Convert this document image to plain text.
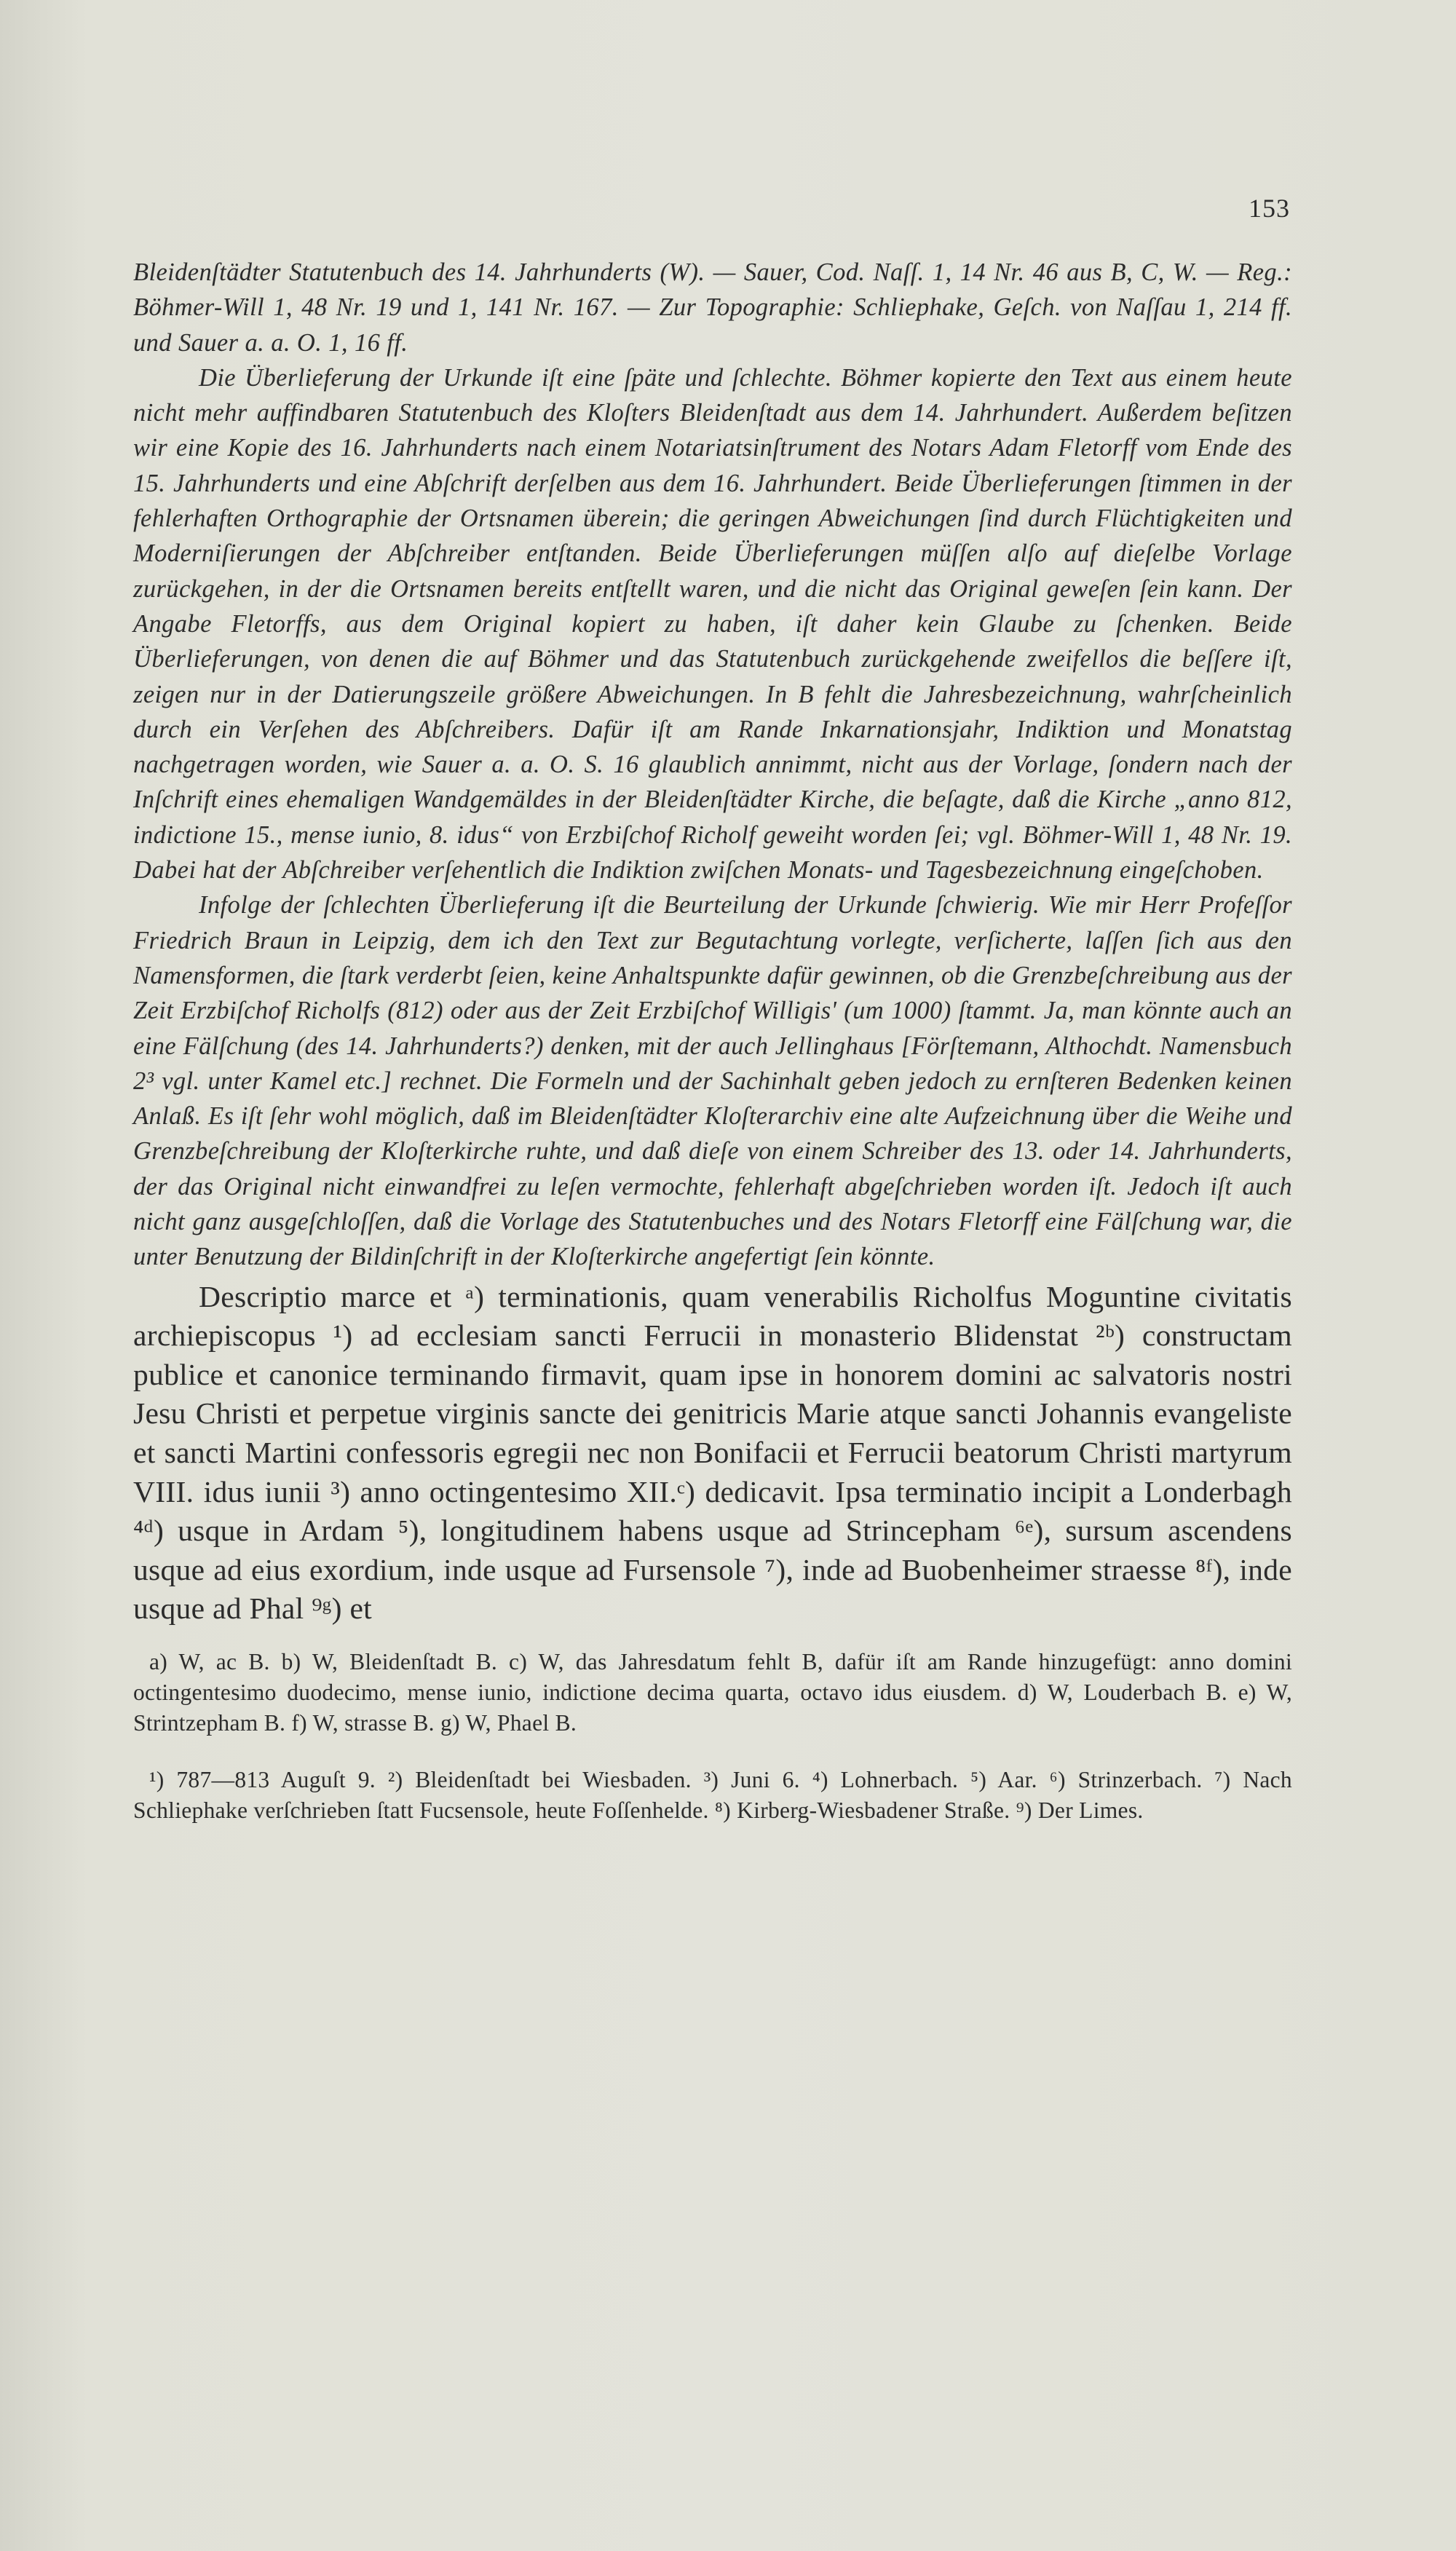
153

Bleidenſtädter Statutenbuch des 14. Jahrhunderts (W). — Sauer, Cod. Naſſ. 1, 14 Nr. 46 aus B, C, W. — Reg.: Böhmer-Will 1, 48 Nr. 19 und 1, 141 Nr. 167. — Zur Topographie: Schliephake, Geſch. von Naſſau 1, 214 ff. und Sauer a. a. O. 1, 16 ff.

Die Überlieferung der Urkunde iſt eine ſpäte und ſchlechte. Böhmer kopierte den Text aus einem heute nicht mehr auffindbaren Statutenbuch des Kloſters Bleidenſtadt aus dem 14. Jahrhundert. Außerdem beſitzen wir eine Kopie des 16. Jahrhunderts nach einem Notariatsinſtrument des Notars Adam Fletorff vom Ende des 15. Jahrhunderts und eine Abſchrift derſelben aus dem 16. Jahrhundert. Beide Überlieferungen ſtimmen in der fehlerhaften Orthographie der Ortsnamen überein; die geringen Abweichungen ſind durch Flüchtigkeiten und Moderniſierungen der Abſchreiber entſtanden. Beide Überlieferungen müſſen alſo auf dieſelbe Vorlage zurückgehen, in der die Ortsnamen bereits entſtellt waren, und die nicht das Original geweſen ſein kann. Der Angabe Fletorffs, aus dem Original kopiert zu haben, iſt daher kein Glaube zu ſchenken. Beide Überlieferungen, von denen die auf Böhmer und das Statutenbuch zurückgehende zweifellos die beſſere iſt, zeigen nur in der Datierungszeile größere Abweichungen. In B fehlt die Jahresbezeichnung, wahrſcheinlich durch ein Verſehen des Abſchreibers. Dafür iſt am Rande Inkarnationsjahr, Indiktion und Monatstag nachgetragen worden, wie Sauer a. a. O. S. 16 glaublich annimmt, nicht aus der Vorlage, ſondern nach der Inſchrift eines ehemaligen Wandgemäldes in der Bleidenſtädter Kirche, die beſagte, daß die Kirche „anno 812, indictione 15., mense iunio, 8. idus“ von Erzbiſchof Richolf geweiht worden ſei; vgl. Böhmer-Will 1, 48 Nr. 19. Dabei hat der Abſchreiber verſehentlich die Indiktion zwiſchen Monats- und Tagesbezeichnung eingeſchoben.

Infolge der ſchlechten Überlieferung iſt die Beurteilung der Urkunde ſchwierig. Wie mir Herr Profeſſor Friedrich Braun in Leipzig, dem ich den Text zur Begutachtung vorlegte, verſicherte, laſſen ſich aus den Namensformen, die ſtark verderbt ſeien, keine Anhaltspunkte dafür gewinnen, ob die Grenzbeſchreibung aus der Zeit Erzbiſchof Richolfs (812) oder aus der Zeit Erzbiſchof Willigis' (um 1000) ſtammt. Ja, man könnte auch an eine Fälſchung (des 14. Jahrhunderts?) denken, mit der auch Jellinghaus [Förſtemann, Althochdt. Namensbuch 2³ vgl. unter Kamel etc.] rechnet. Die Formeln und der Sachinhalt geben jedoch zu ernſteren Bedenken keinen Anlaß. Es iſt ſehr wohl möglich, daß im Bleidenſtädter Kloſterarchiv eine alte Aufzeichnung über die Weihe und Grenzbeſchreibung der Kloſterkirche ruhte, und daß dieſe von einem Schreiber des 13. oder 14. Jahrhunderts, der das Original nicht einwandfrei zu leſen vermochte, fehlerhaft abgeſchrieben worden iſt. Jedoch iſt auch nicht ganz ausgeſchloſſen, daß die Vorlage des Statutenbuches und des Notars Fletorff eine Fälſchung war, die unter Benutzung der Bildinſchrift in der Kloſterkirche angefertigt ſein könnte.

Descriptio marce et ᵃ) terminationis, quam venerabilis Richolfus Moguntine civitatis archiepiscopus ¹) ad ecclesiam sancti Ferrucii in monasterio Blidenstat ²ᵇ) constructam publice et canonice terminando firmavit, quam ipse in honorem domini ac salvatoris nostri Jesu Christi et perpetue virginis sancte dei genitricis Marie atque sancti Johannis evangeliste et sancti Martini confessoris egregii nec non Bonifacii et Ferrucii beatorum Christi martyrum VIII. idus iunii ³) anno octingentesimo XII.ᶜ) dedicavit. Ipsa terminatio incipit a Londerbagh ⁴ᵈ) usque in Ardam ⁵), longitudinem habens usque ad Strincepham ⁶ᵉ), sursum ascendens usque ad eius exordium, inde usque ad Fursensole ⁷), inde ad Buobenheimer straesse ⁸ᶠ), inde usque ad Phal ⁹ᵍ) et

a) W, ac B. b) W, Bleidenſtadt B. c) W, das Jahresdatum fehlt B, dafür iſt am Rande hinzugefügt: anno domini octingentesimo duodecimo, mense iunio, indictione decima quarta, octavo idus eiusdem. d) W, Louderbach B. e) W, Strintzepham B. f) W, strasse B. g) W, Phael B.

¹) 787—813 Auguſt 9. ²) Bleidenſtadt bei Wiesbaden. ³) Juni 6. ⁴) Lohnerbach. ⁵) Aar. ⁶) Strinzerbach. ⁷) Nach Schliephake verſchrieben ſtatt Fucsensole, heute Foſſenhelde. ⁸) Kirberg-Wiesbadener Straße. ⁹) Der Limes.
